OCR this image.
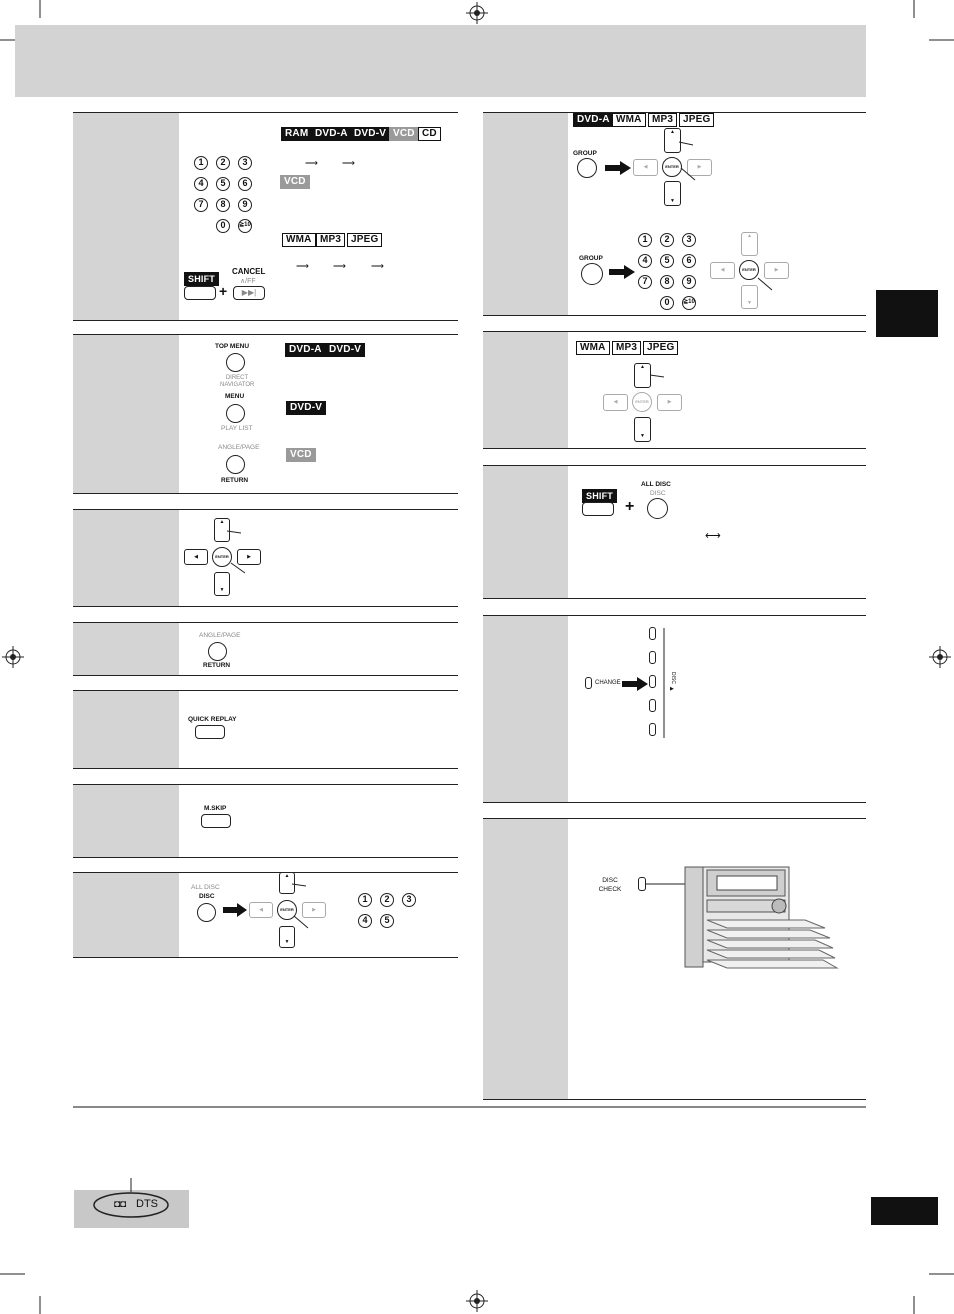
RAM DVD-A DVD-V VCD CD
1	2	3
4	5	6
7	8	9
0	≧10
⟶	⟶
VCD
WMA MP3 JPEG
⟶	⟶	⟶
SHIFT
+
CANCEL
∧/FF
▶▶|
TOP MENU
DIRECT NAVIGATOR
MENU
PLAY LIST
ANGLE/PAGE
RETURN
DVD-A DVD-V
DVD-V
VCD
▲
◀	▶
▼
ENTER
ANGLE/PAGE
RETURN
QUICK REPLAY
M.SKIP
ALL DISC
DISC
▲
◀	▶
▼
ENTER
1	2	3
4	5
DVD-A WMA	MP3 JPEG
GROUP
▲
◀	▶
▼
ENTER
GROUP
1	2	3
4	5	6
7	8	9
0	≧10
▲
◀	▶
▼
ENTER
WMA	MP3 JPEG
▲
◀	▶
▼
ENTER
SHIFT
+
ALL DISC
DISC
⟷
CHANGE	DISC
▶
DISC CHECK
◘◘ DTS
